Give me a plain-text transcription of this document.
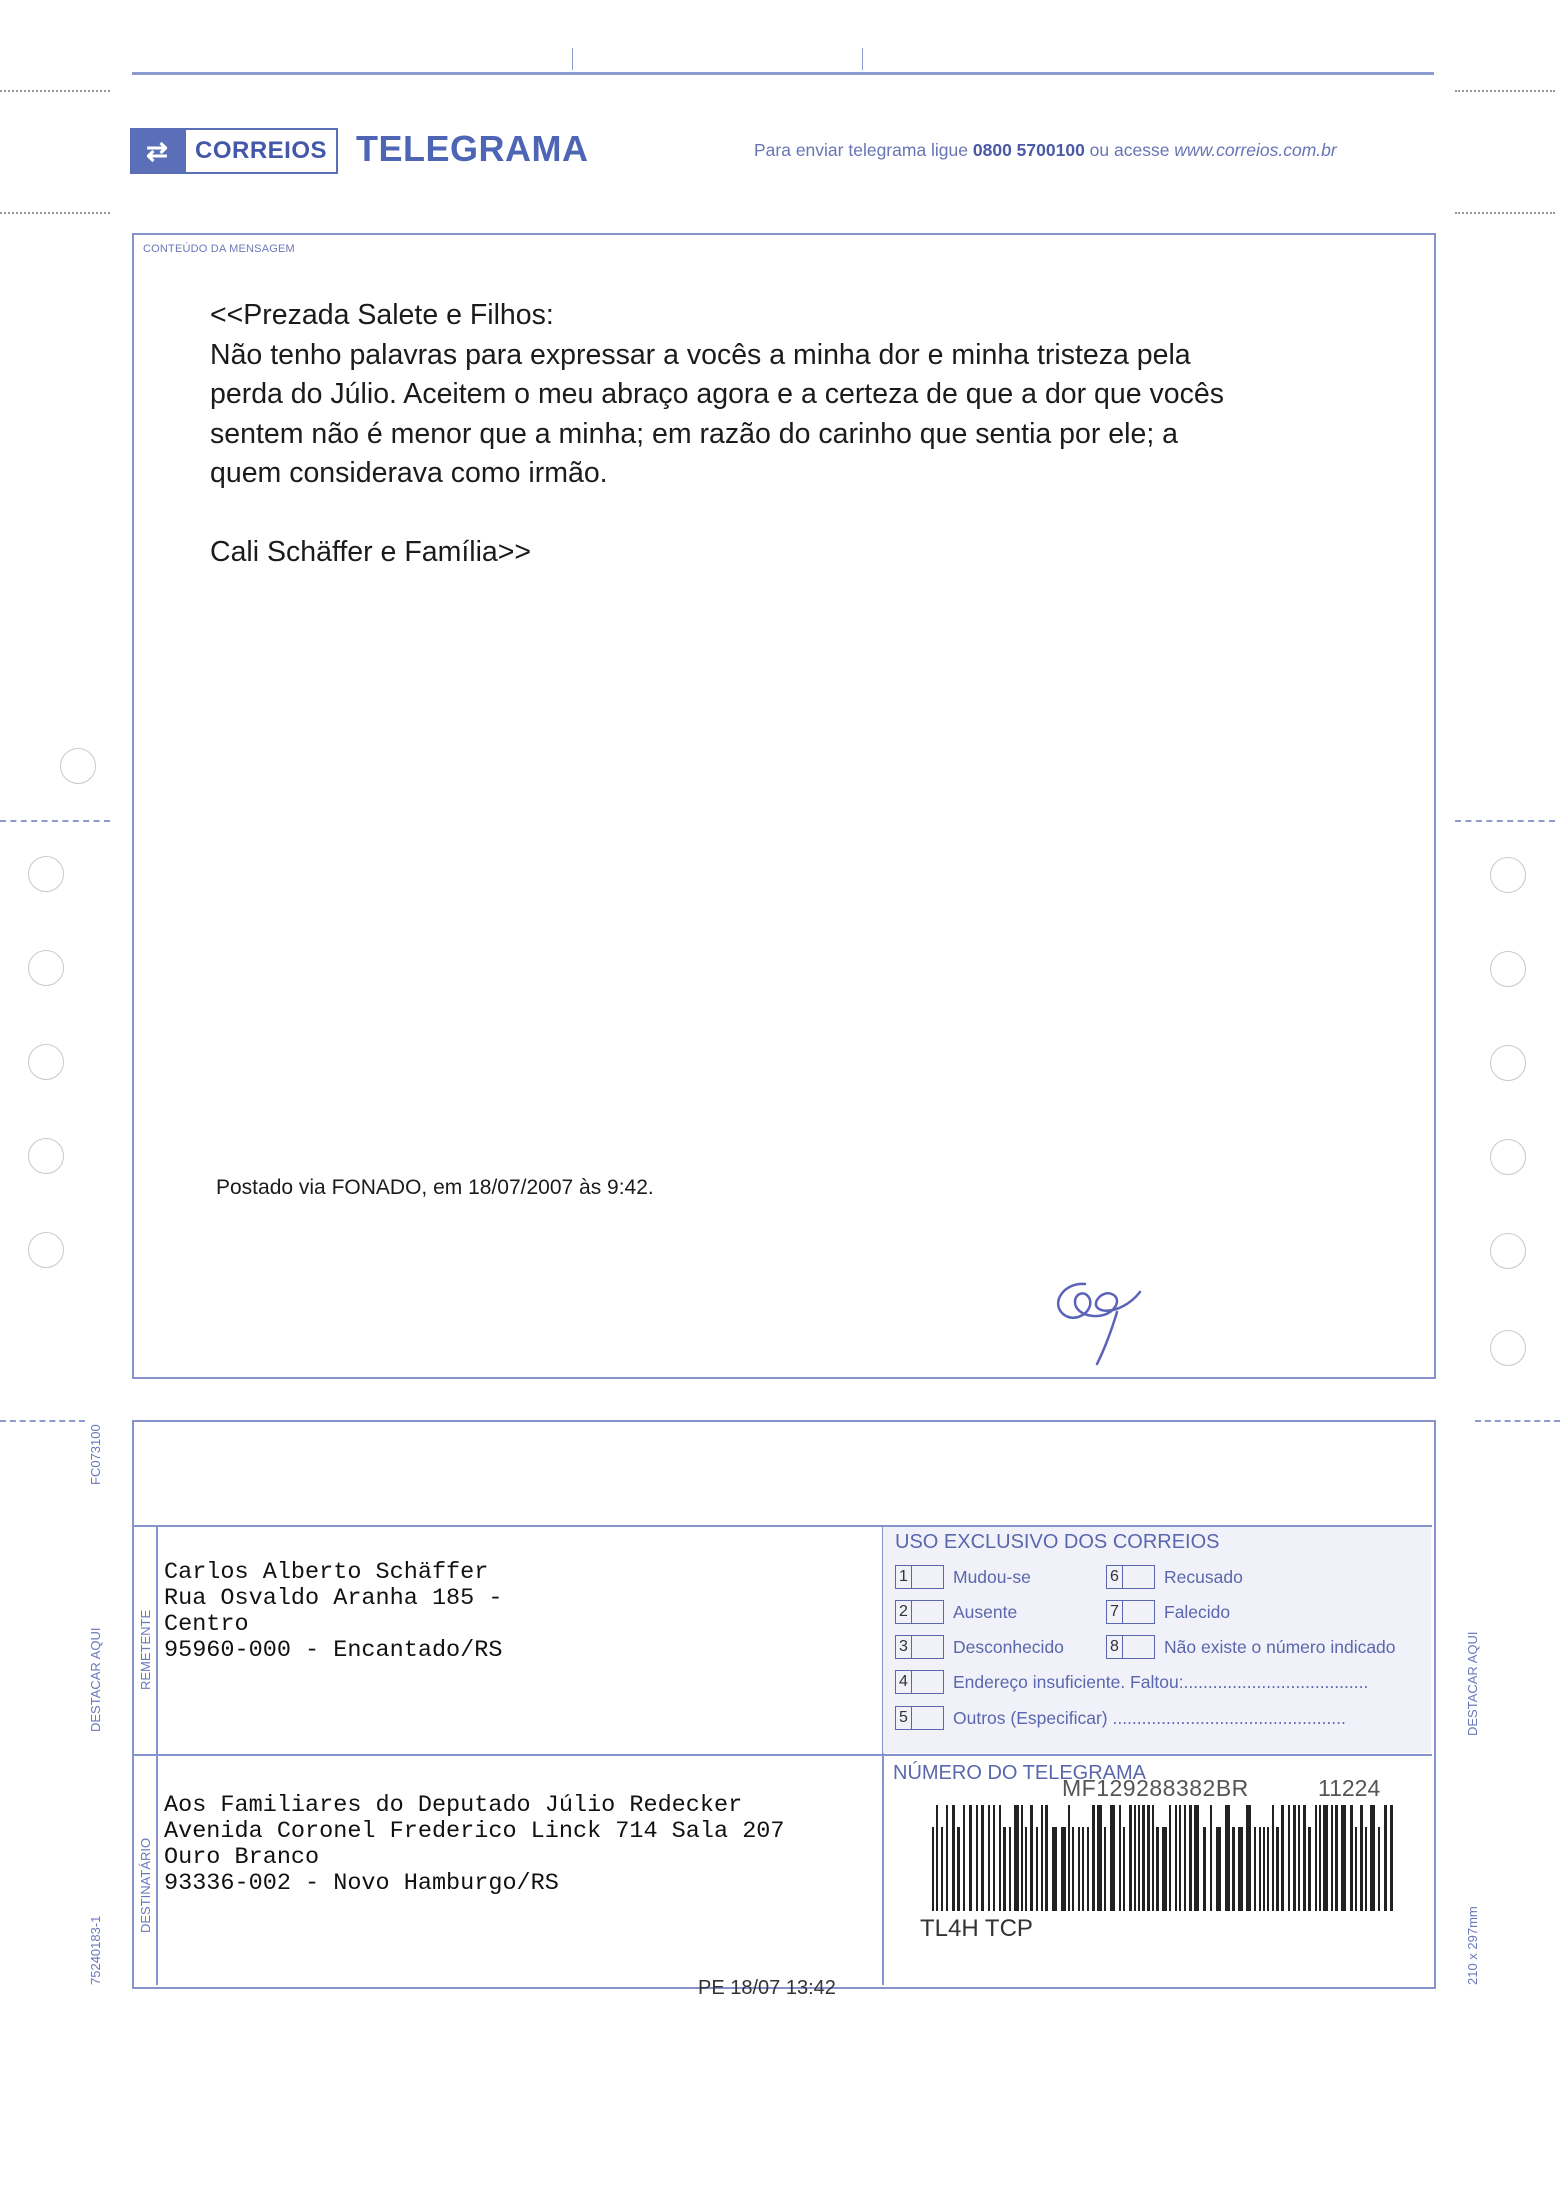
⇄	CORREIOS TELEGRAMA	Para enviar telegrama ligue 0800 5700100 ou acesse www.correios.com.br
CONTEÚDO DA MENSAGEM

<<Prezada Salete e Filhos:

Não tenho palavras para expressar a vocês a minha dor e minha tristeza pela

perda do Júlio. Aceitem o meu abraço agora e a certeza de que a dor que vocês

sentem não é menor que a minha; em razão do carinho que sentia por ele; a

quem considerava como irmão.

Cali Schäffer e Família>>
Postado via FONADO, em 18/07/2007 às 9:42.
FC073100
DESTACAR AQUI
75240183-1
DESTACAR AQUI
210 x 297mm
REMETENTE
DESTINATÁRIO
Carlos Alberto Schäffer
Rua Osvaldo Aranha 185 -
Centro
95960-000 - Encantado/RS
Aos Familiares do Deputado Júlio Redecker
Avenida Coronel Frederico Linck 714 Sala 207
Ouro Branco
93336-002 - Novo Hamburgo/RS
USO EXCLUSIVO DOS CORREIOS
1	Mudou-se	6	Recusado
2	Ausente	7	Falecido
3	Desconhecido	8	Não existe o número indicado
4	Endereço insuficiente. Faltou:......................................
5	Outros (Especificar) ................................................
NÚMERO DO TELEGRAMA
MF129288382BR	11224
TL4H TCP
PE 18/07 13:42
